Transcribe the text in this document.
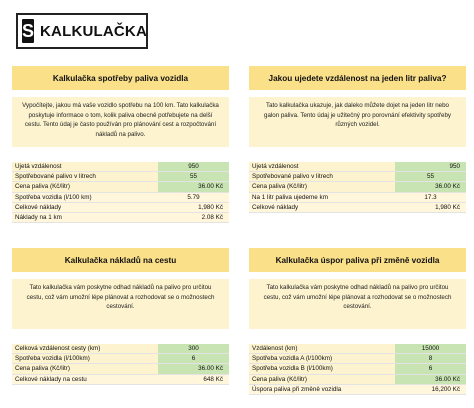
S KALKULAČKA
Kalkulačka spotřeby paliva vozidla
Vypočítejte, jakou má vaše vozidlo spotřebu na 100 km. Tato kalkulačka poskytuje informace o tom, kolik paliva obecně potřebujete na delší cestu. Tento údaj je často používán pro plánování cest a rozpočtování nákladů na palivo.
Ujetá vzdálenost	950
Spotřebované palivo v litrech	55
Cena paliva (Kč/litr)	36.00 Kč
Spotřeba vozidla (l/100 km)	5.79
Celkové náklady	1,980 Kč
Náklady na 1 km	2.08 Kč
Jakou ujedete vzdálenost na jeden litr paliva?
Tato kalkulačka ukazuje, jak daleko můžete dojet na jeden litr nebo galon paliva. Tento údaj je užitečný pro porovnání efektivity spotřeby různých vozidel.
Ujetá vzdálenost	950
Spotřebované palivo v litrech	55
Cena paliva (Kč/litr)	36.00 Kč
Na 1 litr paliva ujedeme km	17.3
Celkové náklady	1,980 Kč
Kalkulačka nákladů na cestu
Tato kalkulačka vám poskytne odhad nákladů na palivo pro určitou cestu, což vám umožní lépe plánovat a rozhodovat se o možnostech cestování.
Celková vzdálenost cesty (km)	300
Spotřeba vozidla (l/100km)	6
Cena paliva (Kč/litr)	36.00 Kč
Celkové náklady na cestu	648 Kč
Kalkulačka úspor paliva při změně vozidla
Tato kalkulačka vám poskytne odhad nákladů na palivo pro určitou cestu, což vám umožní lépe plánovat a rozhodovat se o možnostech cestování.
Vzdálenost (km)	15000
Spotřeba vozidla A (l/100km)	8
Spotřeba vozidla B (l/100km)	6
Cena paliva (Kč/litr)	36.00 Kč
Úspora paliva při změně vozidla	16,200 Kč
